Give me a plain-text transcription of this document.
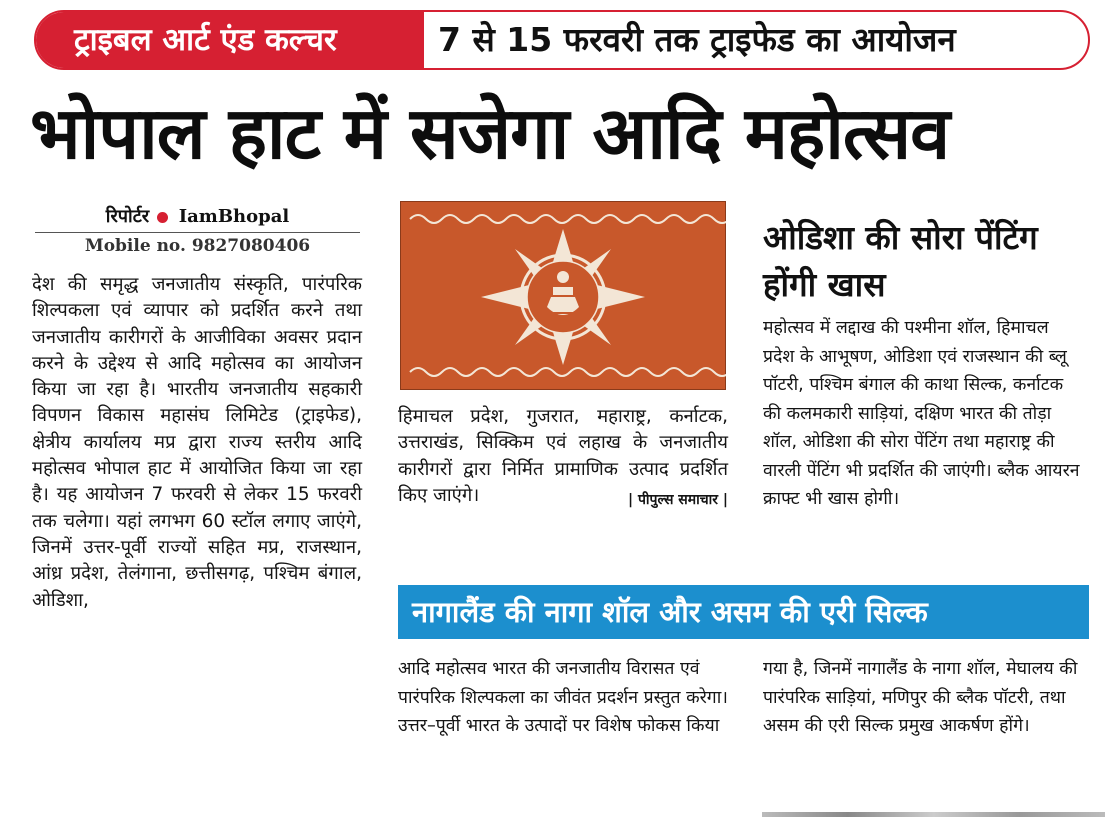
ट्राइबल आर्ट एंड कल्चर	7 से 15 फरवरी तक ट्राइफेड का आयोजन
भोपाल हाट में सजेगा आदि महोत्सव
रिपोर्टर IamBhopal
Mobile no. 9827080406
देश की समृद्ध जनजातीय संस्कृति, पारंपरिक शिल्पकला एवं व्यापार को प्रदर्शित करने तथा जनजातीय कारीगरों के आजीविका अवसर प्रदान करने के उद्देश्य से आदि महोत्सव का आयोजन किया जा रहा है। भारतीय जनजातीय सहकारी विपणन विकास महासंघ लिमिटेड (ट्राइफेड), क्षेत्रीय कार्यालय मप्र द्वारा राज्य स्तरीय आदि महोत्सव भोपाल हाट में आयोजित किया जा रहा है। यह आयोजन 7 फरवरी से लेकर 15 फरवरी तक चलेगा। यहां लगभग 60 स्टॉल लगाए जाएंगे, जिनमें उत्तर-पूर्वी राज्यों सहित मप्र, राजस्थान, आंध्र प्रदेश, तेलंगाना, छत्तीसगढ़, पश्चिम बंगाल, ओडिशा,
हिमाचल प्रदेश, गुजरात, महाराष्ट्र, कर्नाटक, उत्तराखंड, सिक्किम एवं लहाख के जनजातीय कारीगरों द्वारा निर्मित प्रामाणिक उत्पाद प्रदर्शित किए जाएंगे।	| पीपुल्स समाचार |
ओडिशा की सोरा पेंटिंग होंगी खास
महोत्सव में लद्दाख की पश्मीना शॉल, हिमाचल प्रदेश के आभूषण, ओडिशा एवं राजस्थान की ब्लू पॉटरी, पश्चिम बंगाल की काथा सिल्क, कर्नाटक की कलमकारी साड़ियां, दक्षिण भारत की तोड़ा शॉल, ओडिशा की सोरा पेंटिंग तथा महाराष्ट्र की वारली पेंटिंग भी प्रदर्शित की जाएंगी। ब्लैक आयरन क्राफ्ट भी खास होगी।
नागालैंड की नागा शॉल और असम की एरी सिल्क
आदि महोत्सव भारत की जनजातीय विरासत एवं पारंपरिक शिल्पकला का जीवंत प्रदर्शन प्रस्तुत करेगा। उत्तर–पूर्वी भारत के उत्पादों पर विशेष फोकस किया
गया है, जिनमें नागालैंड के नागा शॉल, मेघालय की पारंपरिक साड़ियां, मणिपुर की ब्लैक पॉटरी, तथा असम की एरी सिल्क प्रमुख आकर्षण होंगे।
